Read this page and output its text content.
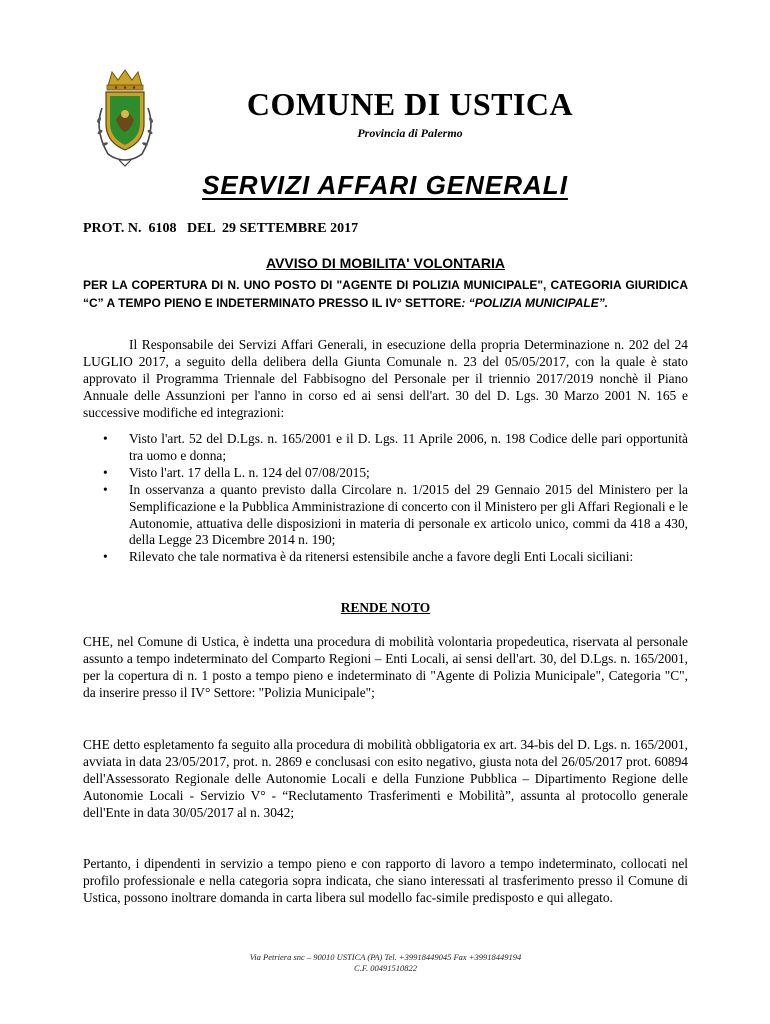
COMUNE DI USTICA
Provincia di Palermo
SERVIZI AFFARI GENERALI
PROT. N.  6108   DEL  29 SETTEMBRE 2017
AVVISO DI MOBILITA' VOLONTARIA
PER LA COPERTURA DI N. UNO POSTO DI "AGENTE DI POLIZIA MUNICIPALE", CATEGORIA GIURIDICA “C” A TEMPO PIENO E INDETERMINATO PRESSO IL IV° SETTORE: “POLIZIA MUNICIPALE”.
Il Responsabile dei Servizi Affari Generali, in esecuzione della propria Determinazione n. 202 del 24 LUGLIO 2017, a seguito della delibera della Giunta Comunale n. 23 del 05/05/2017, con la quale è stato approvato il Programma Triennale del Fabbisogno del Personale per il triennio 2017/2019 nonchè il Piano Annuale delle Assunzioni per l'anno in corso ed ai sensi dell'art. 30 del D. Lgs. 30 Marzo 2001 N. 165 e successive modifiche ed integrazioni:
• Visto l'art. 52 del D.Lgs. n. 165/2001 e il D. Lgs. 11 Aprile 2006, n. 198 Codice delle pari opportunità tra uomo e donna;
• Visto l'art. 17 della L. n. 124 del 07/08/2015;
• In osservanza a quanto previsto dalla Circolare n. 1/2015 del 29 Gennaio 2015 del Ministero per la Semplificazione e la Pubblica Amministrazione di concerto con il Ministero per gli Affari Regionali e le Autonomie, attuativa delle disposizioni in materia di personale ex articolo unico, commi da 418 a 430, della Legge 23 Dicembre 2014 n. 190;
• Rilevato che tale normativa è da ritenersi estensibile anche a favore degli Enti Locali siciliani:
RENDE NOTO
CHE, nel Comune di Ustica, è indetta una procedura di mobilità volontaria propedeutica, riservata al personale assunto a tempo indeterminato del Comparto Regioni – Enti Locali, ai sensi dell'art. 30, del D.Lgs. n. 165/2001, per la copertura di n. 1 posto a tempo pieno e indeterminato di "Agente di Polizia Municipale", Categoria "C", da inserire presso il IV° Settore: "Polizia Municipale";
CHE detto espletamento fa seguito alla procedura di mobilità obbligatoria ex art. 34-bis del D. Lgs. n. 165/2001, avviata in data 23/05/2017, prot. n. 2869 e conclusasi con esito negativo, giusta nota del 26/05/2017 prot. 60894 dell'Assessorato Regionale delle Autonomie Locali e della Funzione Pubblica – Dipartimento Regione delle Autonomie Locali - Servizio V° - “Reclutamento Trasferimenti e Mobilità”, assunta al protocollo generale dell'Ente in data 30/05/2017 al n. 3042;
Pertanto, i dipendenti in servizio a tempo pieno e con rapporto di lavoro a tempo indeterminato, collocati nel profilo professionale e nella categoria sopra indicata, che siano interessati al trasferimento presso il Comune di Ustica, possono inoltrare domanda in carta libera sul modello fac-simile predisposto e qui allegato.
Via Petriera snc – 90010 USTICA (PA) Tel. +39918449045 Fax +39918449194
C.F. 00491510822
